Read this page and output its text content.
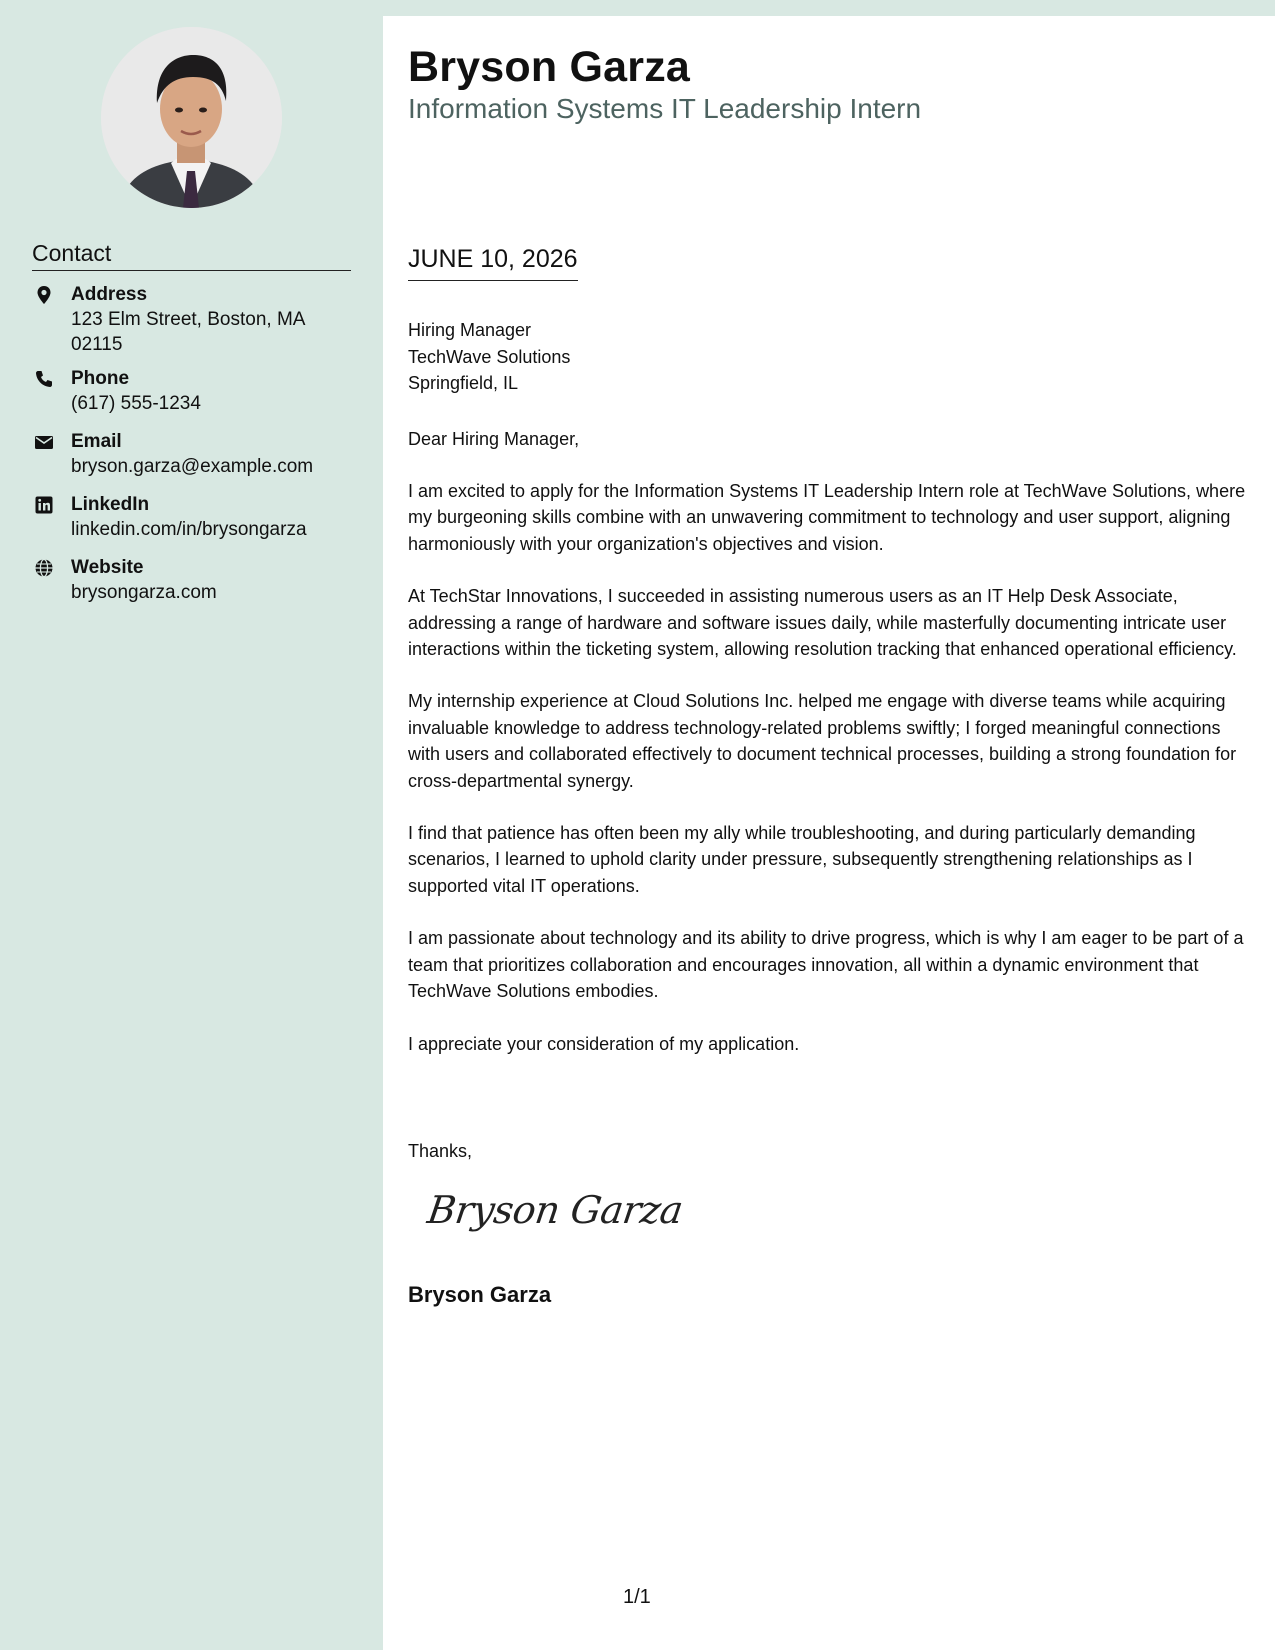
Contact
Address
123 Elm Street, Boston, MA 02115
Phone
(617) 555-1234
Email
bryson.garza@example.com
LinkedIn
linkedin.com/in/brysongarza
Website
brysongarza.com
Bryson Garza
Information Systems IT Leadership Intern
JUNE 10, 2026
Hiring Manager
TechWave Solutions
Springfield, IL
Dear Hiring Manager,

I am excited to apply for the Information Systems IT Leadership Intern role at TechWave Solutions, where my burgeoning skills combine with an unwavering commitment to technology and user support, aligning harmoniously with your organization's objectives and vision.

At TechStar Innovations, I succeeded in assisting numerous users as an IT Help Desk Associate, addressing a range of hardware and software issues daily, while masterfully documenting intricate user interactions within the ticketing system, allowing resolution tracking that enhanced operational efficiency.

My internship experience at Cloud Solutions Inc. helped me engage with diverse teams while acquiring invaluable knowledge to address technology-related problems swiftly; I forged meaningful connections with users and collaborated effectively to document technical processes, building a strong foundation for cross-departmental synergy.

I find that patience has often been my ally while troubleshooting, and during particularly demanding scenarios, I learned to uphold clarity under pressure, subsequently strengthening relationships as I supported vital IT operations.

I am passionate about technology and its ability to drive progress, which is why I am eager to be part of a team that prioritizes collaboration and encourages innovation, all within a dynamic environment that TechWave Solutions embodies.

I appreciate your consideration of my application.

Thanks,
Bryson Garza
Bryson Garza
1/1
